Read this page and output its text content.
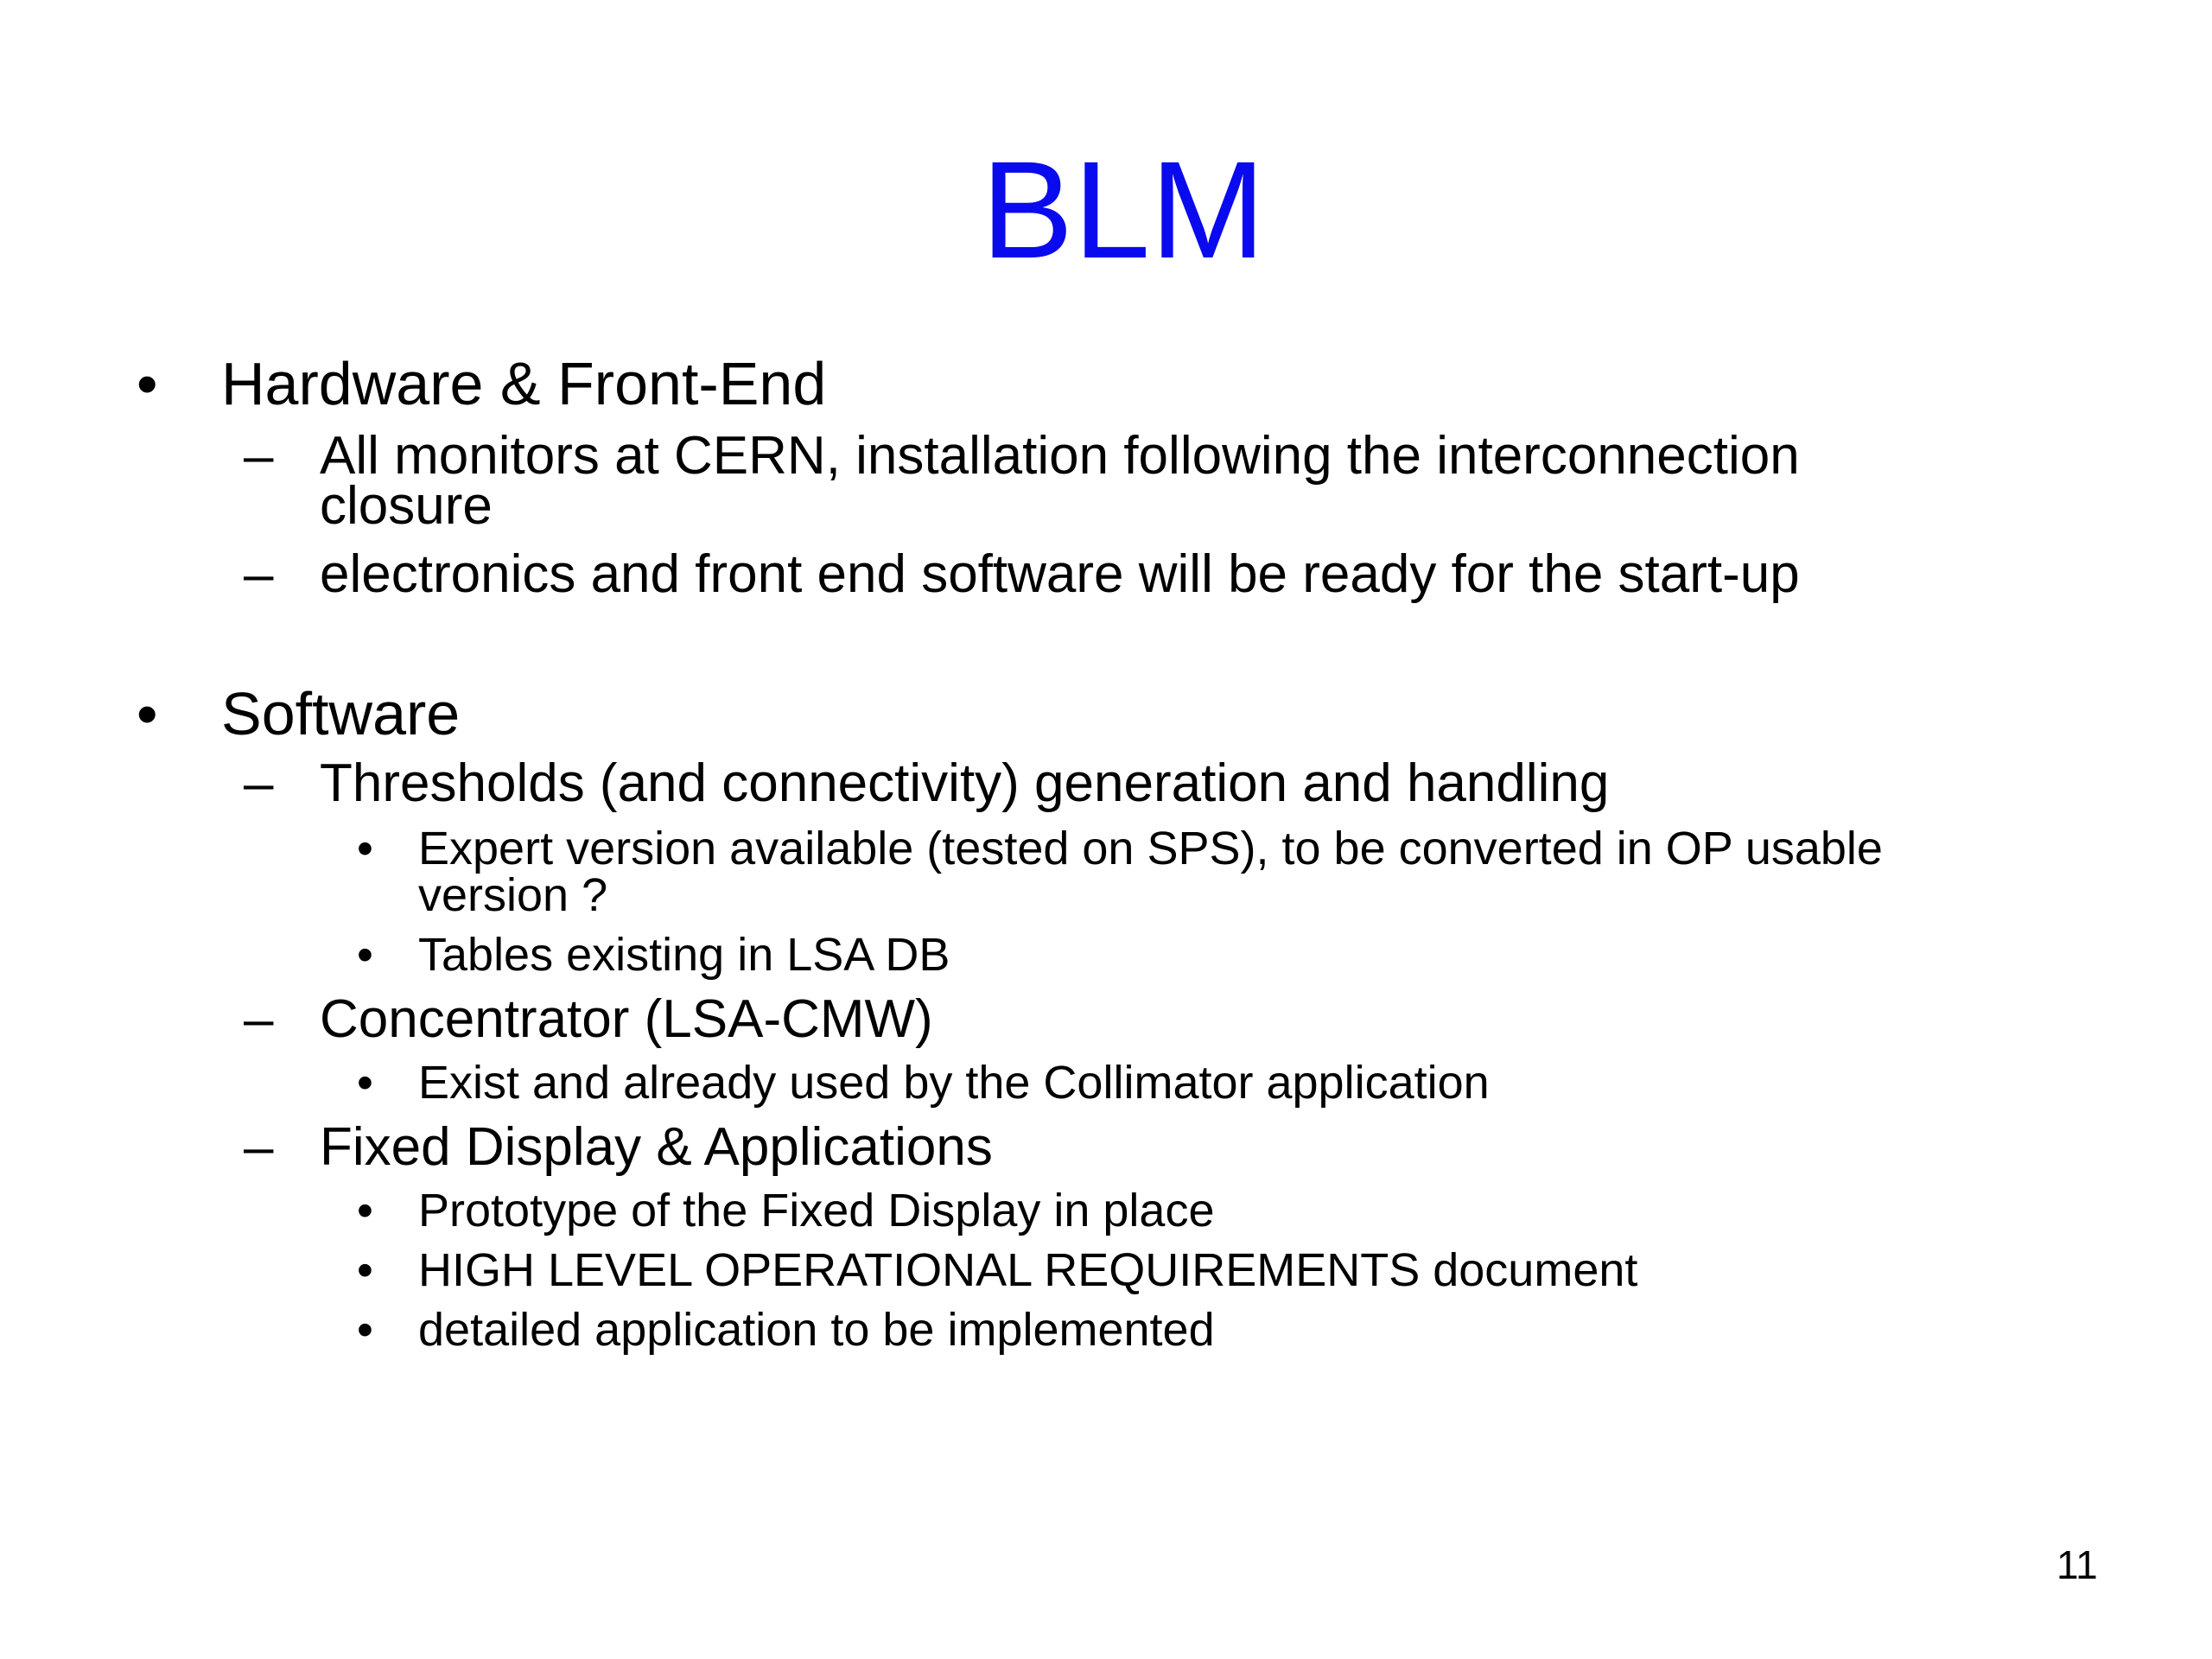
BLM
• Hardware & Front-End
– All monitors at CERN, installation following the interconnection
closure
– electronics and front end software will be ready for the start-up
• Software
– Thresholds (and connectivity) generation and handling
• Expert version available (tested on SPS), to be converted in OP usable
version ?
• Tables existing in LSA DB
– Concentrator (LSA-CMW)
• Exist and already used by the Collimator application
– Fixed Display & Applications
• Prototype of the Fixed Display in place
• HIGH LEVEL OPERATIONAL REQUIREMENTS document
• detailed application to be implemented
11
